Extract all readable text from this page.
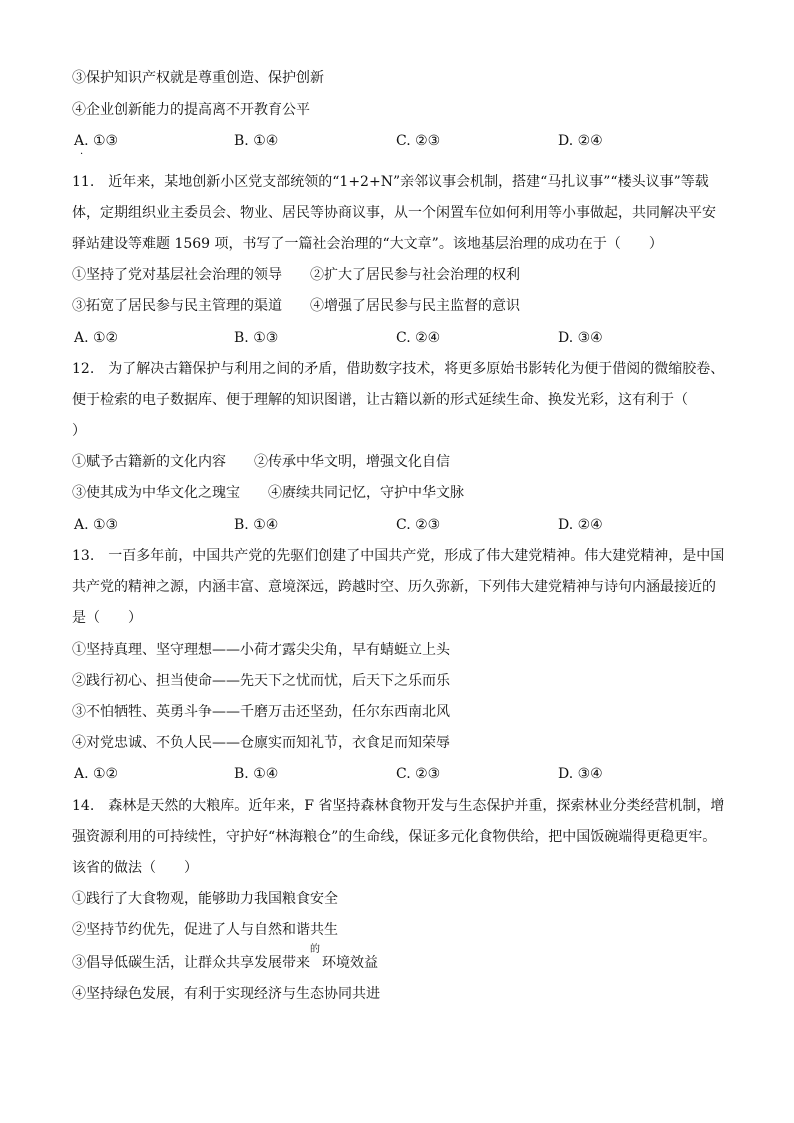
③保护知识产权就是尊重创造、保护创新
④企业创新能力的提高离不开教育公平
A. ①③	B. ①④	C. ②③	D. ②④
·
11.　近年来，某地创新小区党支部统领的“1+2+N”亲邻议事会机制，搭建“马扎议事”“楼头议事”等载
体，定期组织业主委员会、物业、居民等协商议事，从一个闲置车位如何利用等小事做起，共同解决平安
驿站建设等难题 1569 项，书写了一篇社会治理的“大文章”。该地基层治理的成功在于（　　）
①坚持了党对基层社会治理的领导　　②扩大了居民参与社会治理的权利
③拓宽了居民参与民主管理的渠道　　④增强了居民参与民主监督的意识
A. ①②	B. ①③	C. ②④	D. ③④
12.　为了解决古籍保护与利用之间的矛盾，借助数字技术，将更多原始书影转化为便于借阅的微缩胶卷、
便于检索的电子数据库、便于理解的知识图谱，让古籍以新的形式延续生命、换发光彩，这有利于（
）
①赋予古籍新的文化内容　　②传承中华文明，增强文化自信
③使其成为中华文化之瑰宝　　④赓续共同记忆，守护中华文脉
A. ①③	B. ①④	C. ②③	D. ②④
13.　一百多年前，中国共产党的先驱们创建了中国共产党，形成了伟大建党精神。伟大建党精神，是中国
共产党的精神之源，内涵丰富、意境深远，跨越时空、历久弥新，下列伟大建党精神与诗句内涵最接近的
是（　　）
①坚持真理、坚守理想——小荷才露尖尖角，早有蜻蜓立上头
②践行初心、担当使命——先天下之忧而忧，后天下之乐而乐
③不怕牺牲、英勇斗争——千磨万击还坚劲，任尔东西南北风
④对党忠诚、不负人民——仓廪实而知礼节，衣食足而知荣辱
A. ①②	B. ①④	C. ②③	D. ③④
14.　森林是天然的大粮库。近年来，F 省坚持森林食物开发与生态保护并重，探索林业分类经营机制，增
强资源利用的可持续性，守护好“林海粮仓”的生命线，保证多元化食物供给，把中国饭碗端得更稳更牢。
该省的做法（　　）
①践行了大食物观，能够助力我国粮食安全
②坚持节约优先，促进了人与自然和谐共生
③倡导低碳生活，让群众共享发展带来
的
环境效益
④坚持绿色发展，有利于实现经济与生态协同共进
